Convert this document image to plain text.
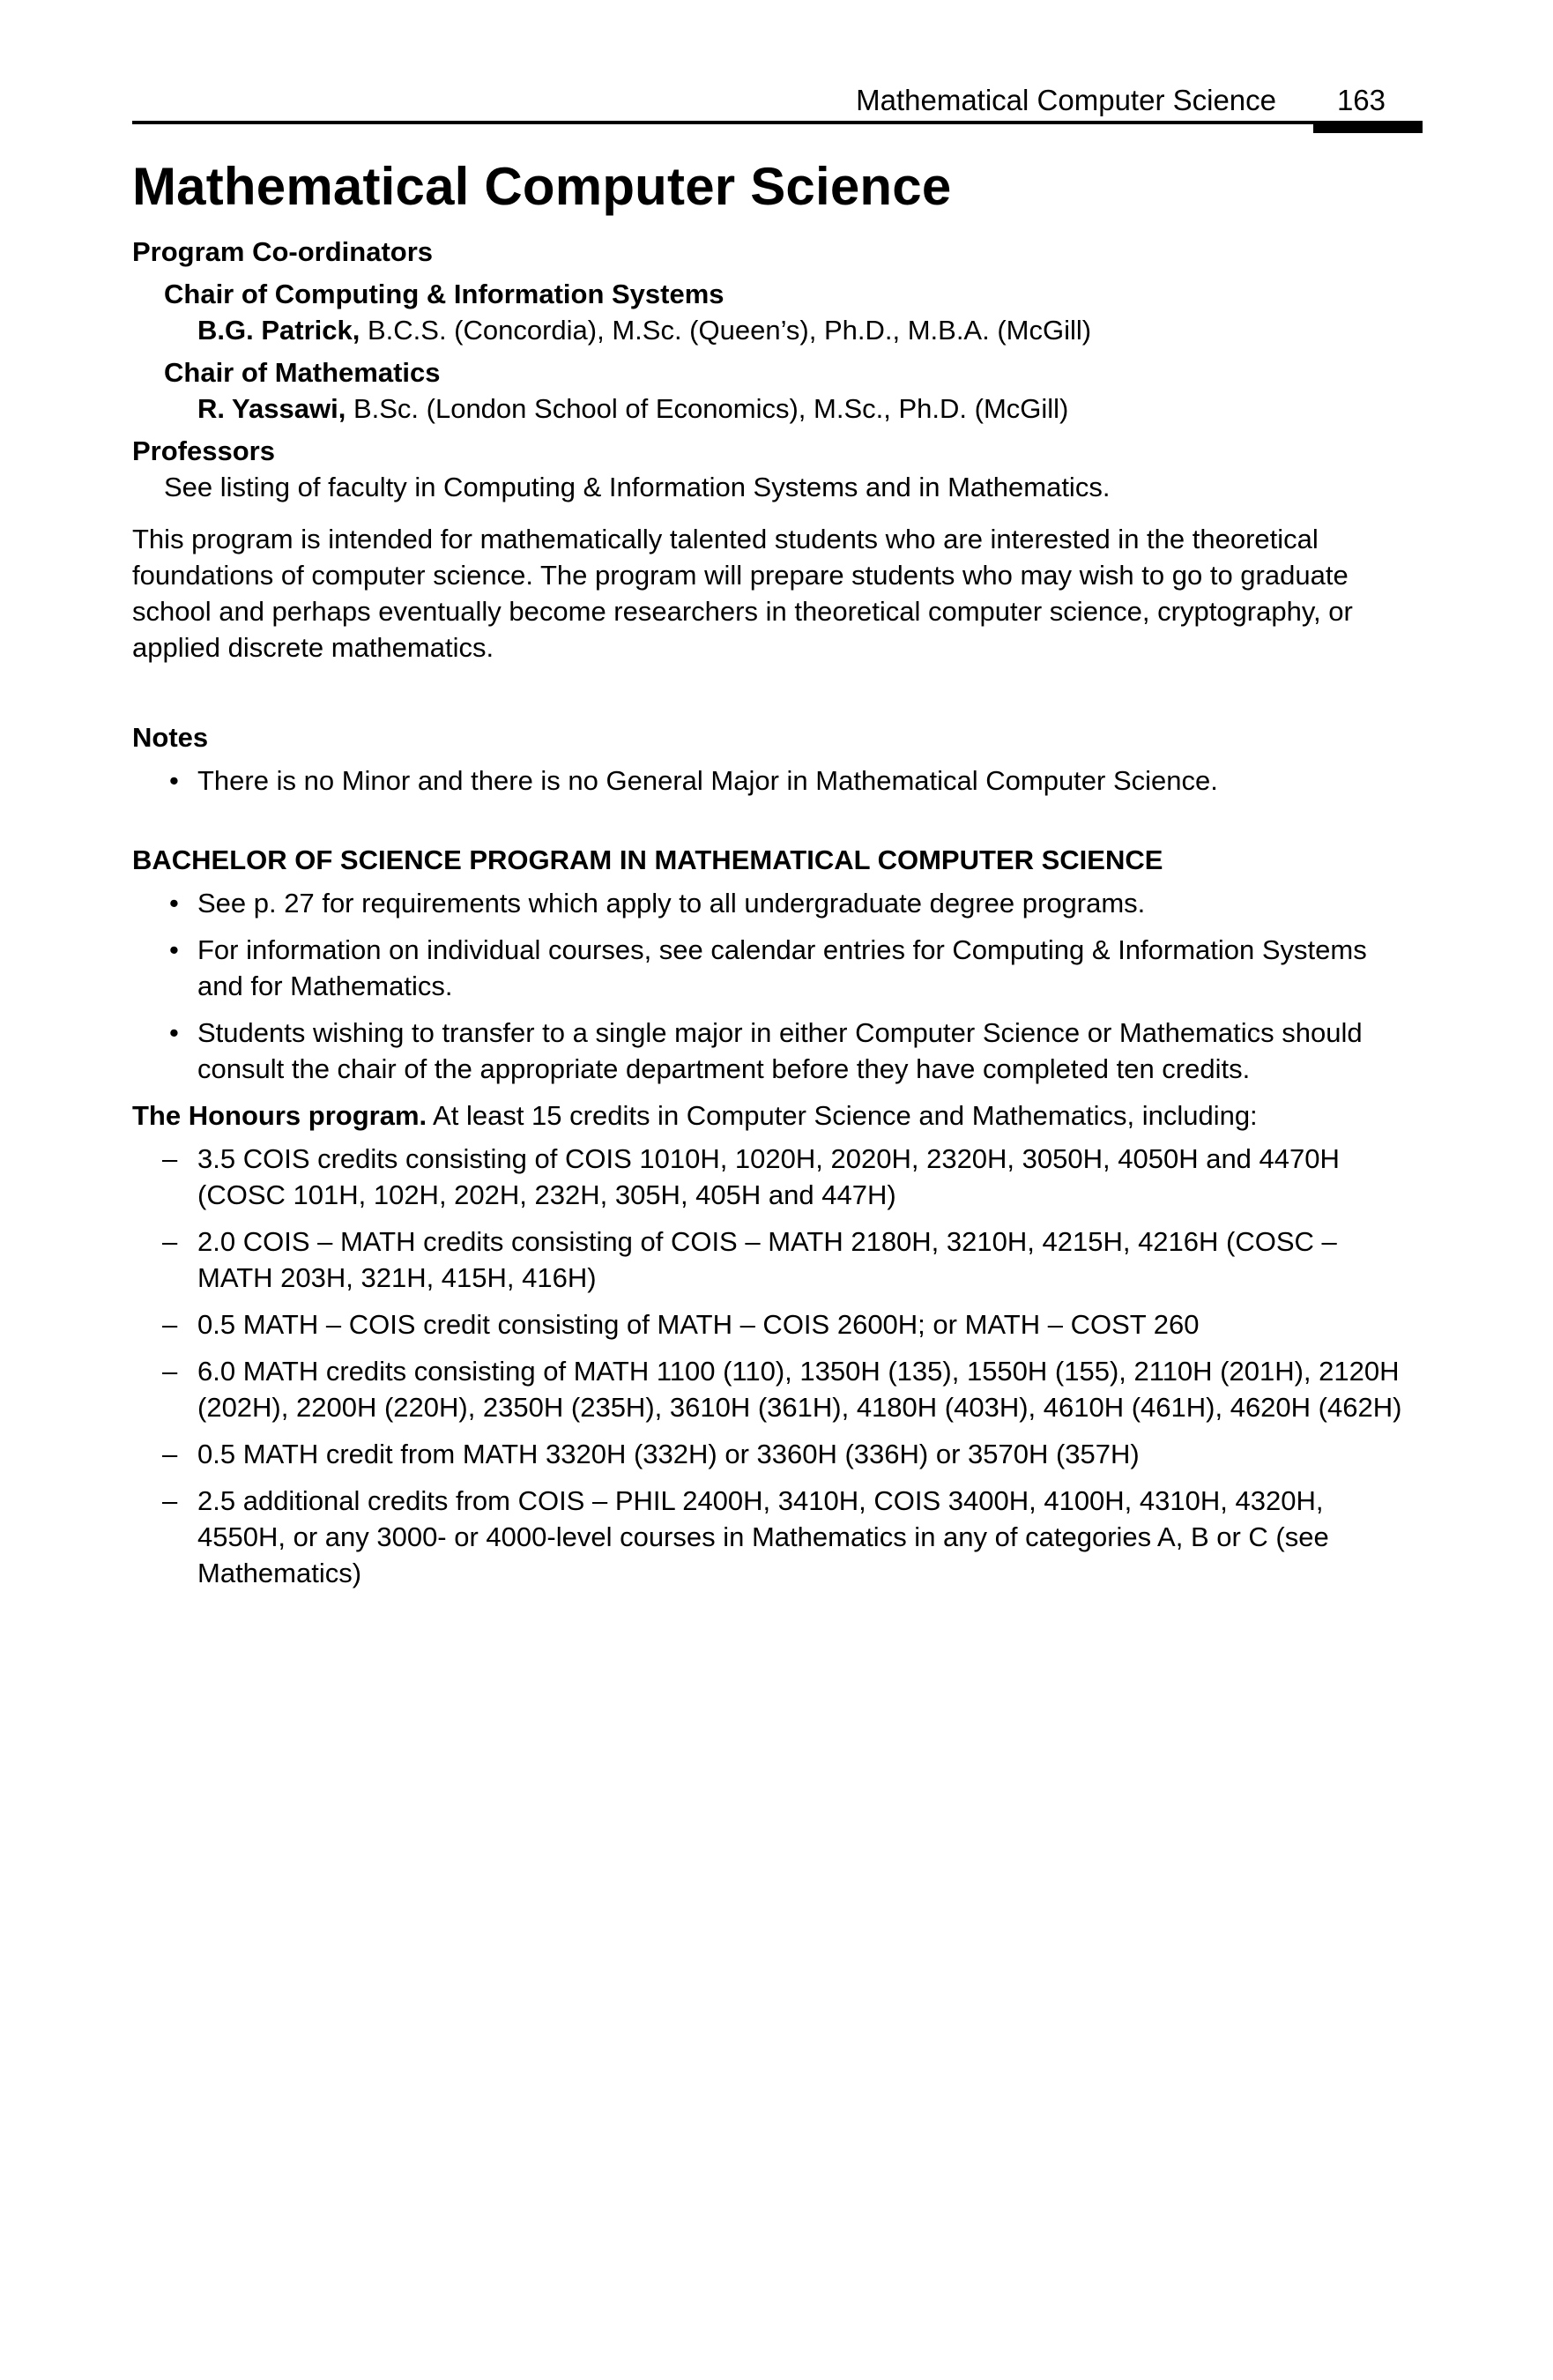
Mathematical Computer Science 163
Mathematical Computer Science
Program Co-ordinators
Chair of Computing & Information Systems
B.G. Patrick, B.C.S. (Concordia), M.Sc. (Queen’s), Ph.D., M.B.A. (McGill)
Chair of Mathematics
R. Yassawi, B.Sc. (London School of Economics), M.Sc., Ph.D. (McGill)
Professors
See listing of faculty in Computing & Information Systems and in Mathematics.

This program is intended for mathematically talented students who are interested in the theoretical foundations of computer science. The program will prepare students who may wish to go to graduate school and perhaps eventually become researchers in theoretical computer science, cryptography, or applied discrete mathematics.

Notes
• There is no Minor and there is no General Major in Mathematical Computer Science.
BACHELOR OF SCIENCE PROGRAM IN MATHEMATICAL COMPUTER SCIENCE
• See p. 27 for requirements which apply to all undergraduate degree programs.
• For information on individual courses, see calendar entries for Computing & Information Systems and for Mathematics.
• Students wishing to transfer to a single major in either Computer Science or Mathematics should consult the chair of the appropriate department before they have completed ten credits.
The Honours program. At least 15 credits in Computer Science and Mathematics, including:
– 3.5 COIS credits consisting of COIS 1010H, 1020H, 2020H, 2320H, 3050H, 4050H and 4470H (COSC 101H, 102H, 202H, 232H, 305H, 405H and 447H)
– 2.0 COIS – MATH credits consisting of COIS – MATH 2180H, 3210H, 4215H, 4216H (COSC – MATH 203H, 321H, 415H, 416H)
– 0.5 MATH – COIS credit consisting of MATH – COIS 2600H; or MATH – COST 260
– 6.0 MATH credits consisting of MATH 1100 (110), 1350H (135), 1550H (155), 2110H (201H), 2120H (202H), 2200H (220H), 2350H (235H), 3610H (361H), 4180H (403H), 4610H (461H), 4620H (462H)
– 0.5 MATH credit from MATH 3320H (332H) or 3360H (336H) or 3570H (357H)
– 2.5 additional credits from COIS – PHIL 2400H, 3410H, COIS 3400H, 4100H, 4310H, 4320H, 4550H, or any 3000- or 4000-level courses in Mathematics in any of categories A, B or C (see Mathematics)
